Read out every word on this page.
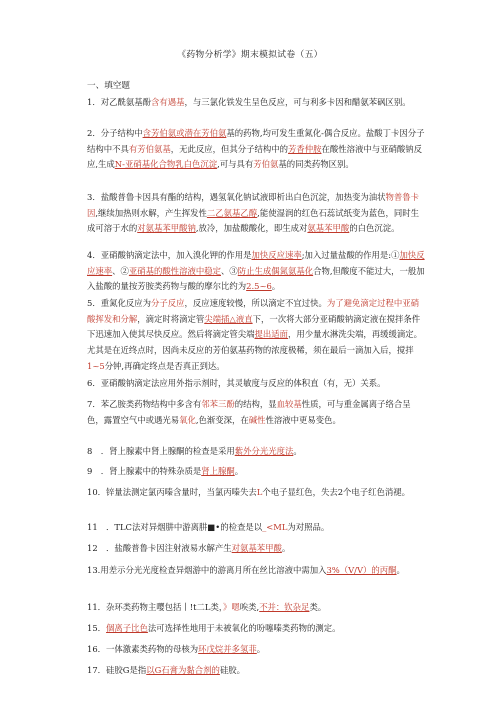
《药物分析学》期末模拟试卷（五）
一、填空题
1．对乙酰氨基酚含有遇基，与三氯化铁发生呈色反应，可与利多卡因和醋氨苯砜区别。
2．分子结构中含芳伯氨或潜在芳伯氨基的药物,均可发生重氮化-偶合反应。盐酸丁卡因分子结构中不具有芳伯氨基，无此反应，但其分子结构中的芳香仲胺在酸性溶液中与亚硝酸钠反应,生成N-亚硝基化合物乳白色沉淀,可与具有芳伯氨基的同类药物区别。
3．盐酸普鲁卡因具有酯的结构，遇氢氧化钠试液即析出白色沉淀，加热变为油状物普鲁卡因,继续加热则水解，产生挥发性二乙氨基乙醇,能使湿润的红色石蕊试纸变为蓝色，同时生成可溶于水的对氨基苯甲酸钠,放冷，加盐酸酸化，即生成对氨基苯甲酸的白色沉淀。
4．亚硝酸钠滴定法中，加入溴化钾的作用是加快反应速率;加入过量盐酸的作用是:①加快反应速率、②亚硝基的酸性溶液中稳定、③防止生成偶氮氨基化合物,但酸度不能过大，一般加入盐酸的量按芳胺类药物与酸的摩尔比约为2.5~6。
5．重氮化反应为分子反应，反应速度较慢，所以滴定不宜过快。为了避免滴定过程中亚硝酸挥发和分解，滴定时将滴定管尖端插△液直下，一次将大部分亚硝酸钠滴定液在搅拌条件下迅速加入使其尽快反应。然后将滴定管尖端提出适面，用少量水淋洗尖端，再缓缓滴定。尤其是在近终点时，因尚未反应的芳伯氨基药物的浓度极稀，须在最后一滴加入后，搅拌1~5分钟,再确定终点是否真正到达。
6．亚硝酸钠滴定法应用外指示剂时，其灵敏度与反应的体积直（有，无）关系。
7．苯乙胺类药物结构中多含有邻苯三酚的结构，显血较基性质，可与重金属离子络合呈色，露置空气中或遇光易氧化,色渐变深，在碱性性溶液中更易变色。
8　．肾上腺素中肾上腺酮的检查是采用紫外分光光度法。
9　．肾上腺素中的特殊杂质是肾上腺酮。
10．锌量法测定氯丙嗪含量时，当氯丙嗪失去L个电子显红色，失去2个电子红色消褪。
11　．TLC法对异烟肼中游离肼■•的检查是以_<ML为对照品。
12　．盐酸普鲁卡因注射液易水解产生对氨基苯甲酸。
13.用差示分光光度检查异烟游中的游离月所在丝比溶液中需加入3%（V/V）的丙酮。
11．杂环类药物主嘤包括丨!t二L类，》嗯唉类,不并：钦杂足类。
15．個离子比色法可选择性地用于未被氧化的吩噻嗪类药物的测定。
16．一体激素类药物的母核为环戊烷并多氢菲。
17．硅胶G是指以G石膏为黏合剂的硅胶。
